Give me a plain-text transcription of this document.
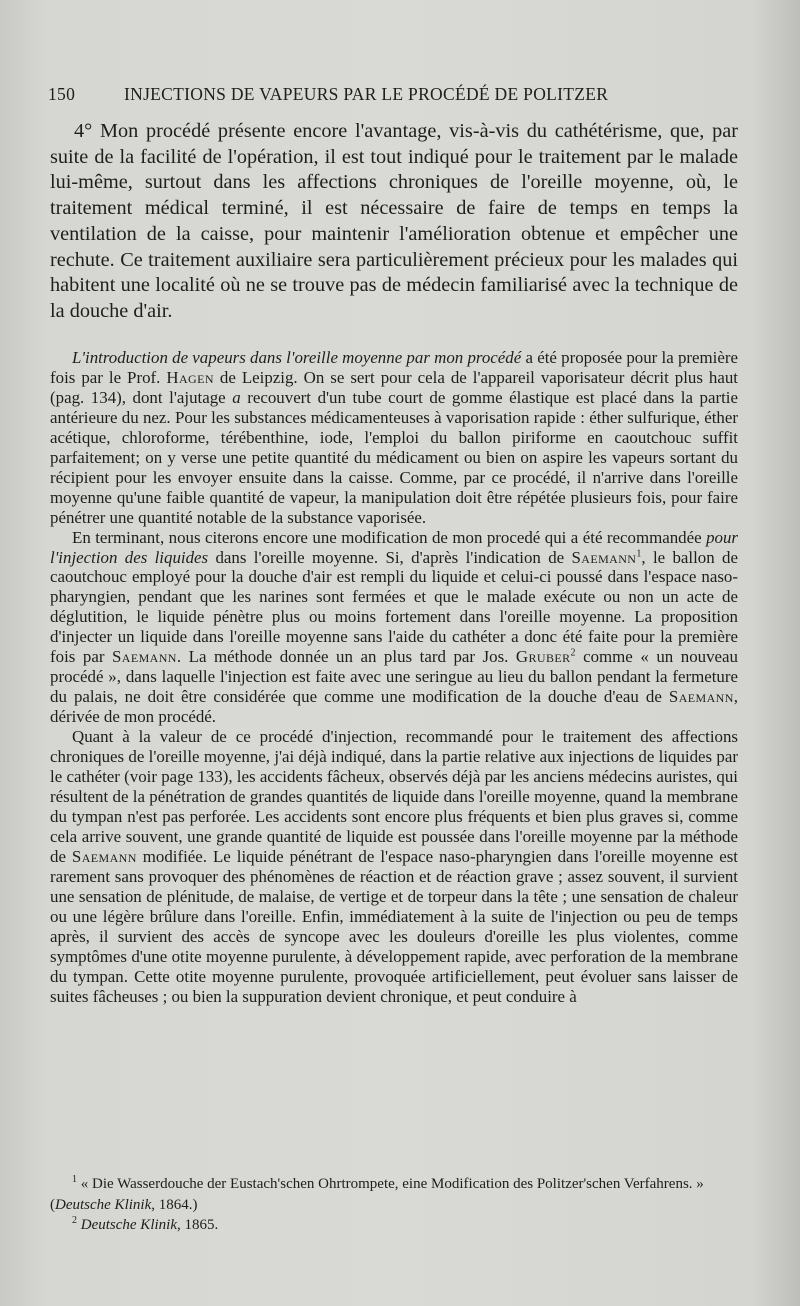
150	INJECTIONS DE VAPEURS PAR LE PROCÉDÉ DE POLITZER

4° Mon procédé présente encore l'avantage, vis-à-vis du cathétérisme, que, par suite de la facilité de l'opération, il est tout indiqué pour le traitement par le malade lui-même, surtout dans les affections chroniques de l'oreille moyenne, où, le traitement médical terminé, il est nécessaire de faire de temps en temps la ventilation de la caisse, pour maintenir l'amélioration obtenue et empêcher une rechute. Ce traitement auxiliaire sera particulièrement précieux pour les malades qui habitent une localité où ne se trouve pas de médecin familiarisé avec la technique de la douche d'air.

L'introduction de vapeurs dans l'oreille moyenne par mon procédé a été proposée pour la première fois par le Prof. Hagen de Leipzig. On se sert pour cela de l'appareil vaporisateur décrit plus haut (pag. 134), dont l'ajutage a recouvert d'un tube court de gomme élastique est placé dans la partie antérieure du nez. Pour les substances médicamenteuses à vaporisation rapide : éther sulfurique, éther acétique, chloroforme, térébenthine, iode, l'emploi du ballon piriforme en caoutchouc suffit parfaitement; on y verse une petite quantité du médicament ou bien on aspire les vapeurs sortant du récipient pour les envoyer ensuite dans la caisse. Comme, par ce procédé, il n'arrive dans l'oreille moyenne qu'une faible quantité de vapeur, la manipulation doit être répétée plusieurs fois, pour faire pénétrer une quantité notable de la substance vaporisée.

En terminant, nous citerons encore une modification de mon procedé qui a été recommandée pour l'injection des liquides dans l'oreille moyenne. Si, d'après l'indication de Saemann$^1$, le ballon de caoutchouc employé pour la douche d'air est rempli du liquide et celui-ci poussé dans l'espace naso-pharyngien, pendant que les narines sont fermées et que le malade exécute ou non un acte de déglutition, le liquide pénètre plus ou moins fortement dans l'oreille moyenne. La proposition d'injecter un liquide dans l'oreille moyenne sans l'aide du cathéter a donc été faite pour la première fois par Saemann. La méthode donnée un an plus tard par Jos. Gruber$^2$ comme « un nouveau procédé », dans laquelle l'injection est faite avec une seringue au lieu du ballon pendant la fermeture du palais, ne doit être considérée que comme une modification de la douche d'eau de Saemann, dérivée de mon procédé.

Quant à la valeur de ce procédé d'injection, recommandé pour le traitement des affections chroniques de l'oreille moyenne, j'ai déjà indiqué, dans la partie relative aux injections de liquides par le cathéter (voir page 133), les accidents fâcheux, observés déjà par les anciens médecins auristes, qui résultent de la pénétration de grandes quantités de liquide dans l'oreille moyenne, quand la membrane du tympan n'est pas perforée. Les accidents sont encore plus fréquents et bien plus graves si, comme cela arrive souvent, une grande quantité de liquide est poussée dans l'oreille moyenne par la méthode de Saemann modifiée. Le liquide pénétrant de l'espace naso-pharyngien dans l'oreille moyenne est rarement sans provoquer des phénomènes de réaction et de réaction grave ; assez souvent, il survient une sensation de plénitude, de malaise, de vertige et de torpeur dans la tête ; une sensation de chaleur ou une légère brûlure dans l'oreille. Enfin, immédiatement à la suite de l'injection ou peu de temps après, il survient des accès de syncope avec les douleurs d'oreille les plus violentes, comme symptômes d'une otite moyenne purulente, à développement rapide, avec perforation de la membrane du tympan. Cette otite moyenne purulente, provoquée artificiellement, peut évoluer sans laisser de suites fâcheuses ; ou bien la suppuration devient chronique, et peut conduire à

$^1$ « Die Wasserdouche der Eustach'schen Ohrtrompete, eine Modification des Politzer'schen Verfahrens. » (Deutsche Klinik, 1864.)

$^2$ Deutsche Klinik, 1865.
